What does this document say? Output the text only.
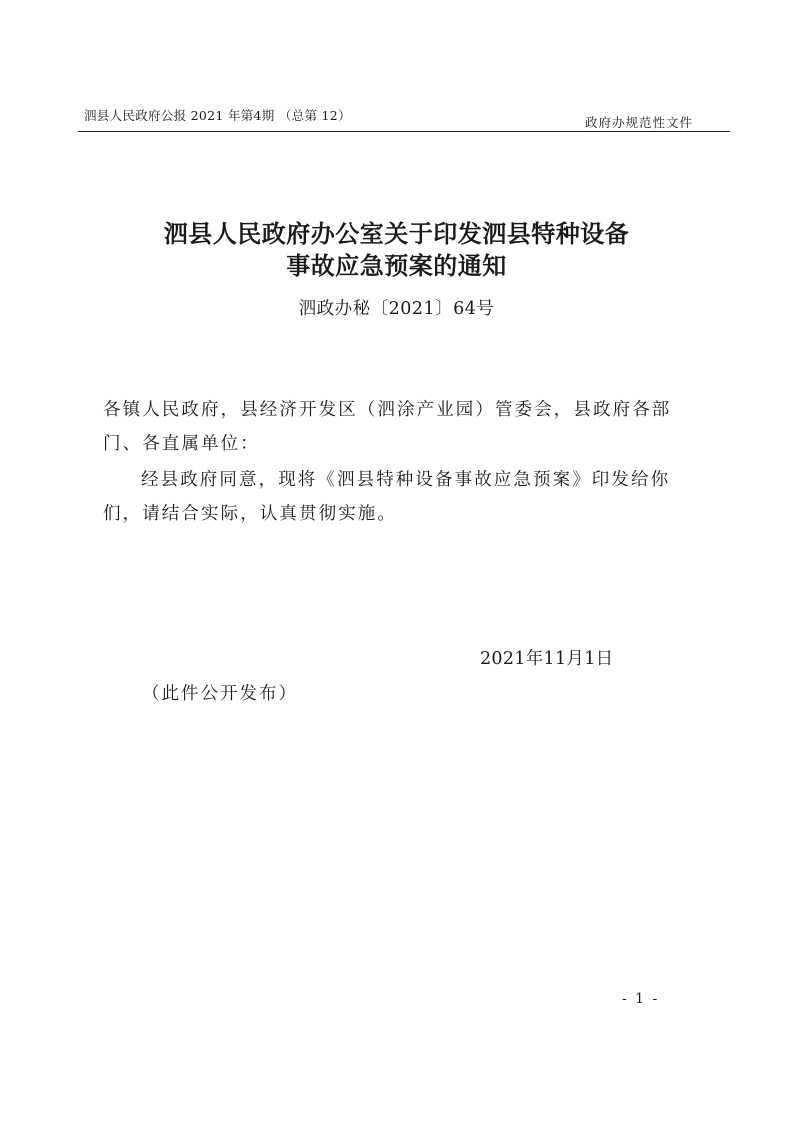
泗县人民政府公报 2021 年第4期 （总第 12）	政府办规范性文件
泗县人民政府办公室关于印发泗县特种设备
事故应急预案的通知
泗政办秘〔2021〕64号
各镇人民政府，县经济开发区（泗涂产业园）管委会，县政府各部
门、各直属单位：
经县政府同意，现将《泗县特种设备事故应急预案》印发给你
们，请结合实际，认真贯彻实施。
2021年11月1日
（此件公开发布）
- 1 -
